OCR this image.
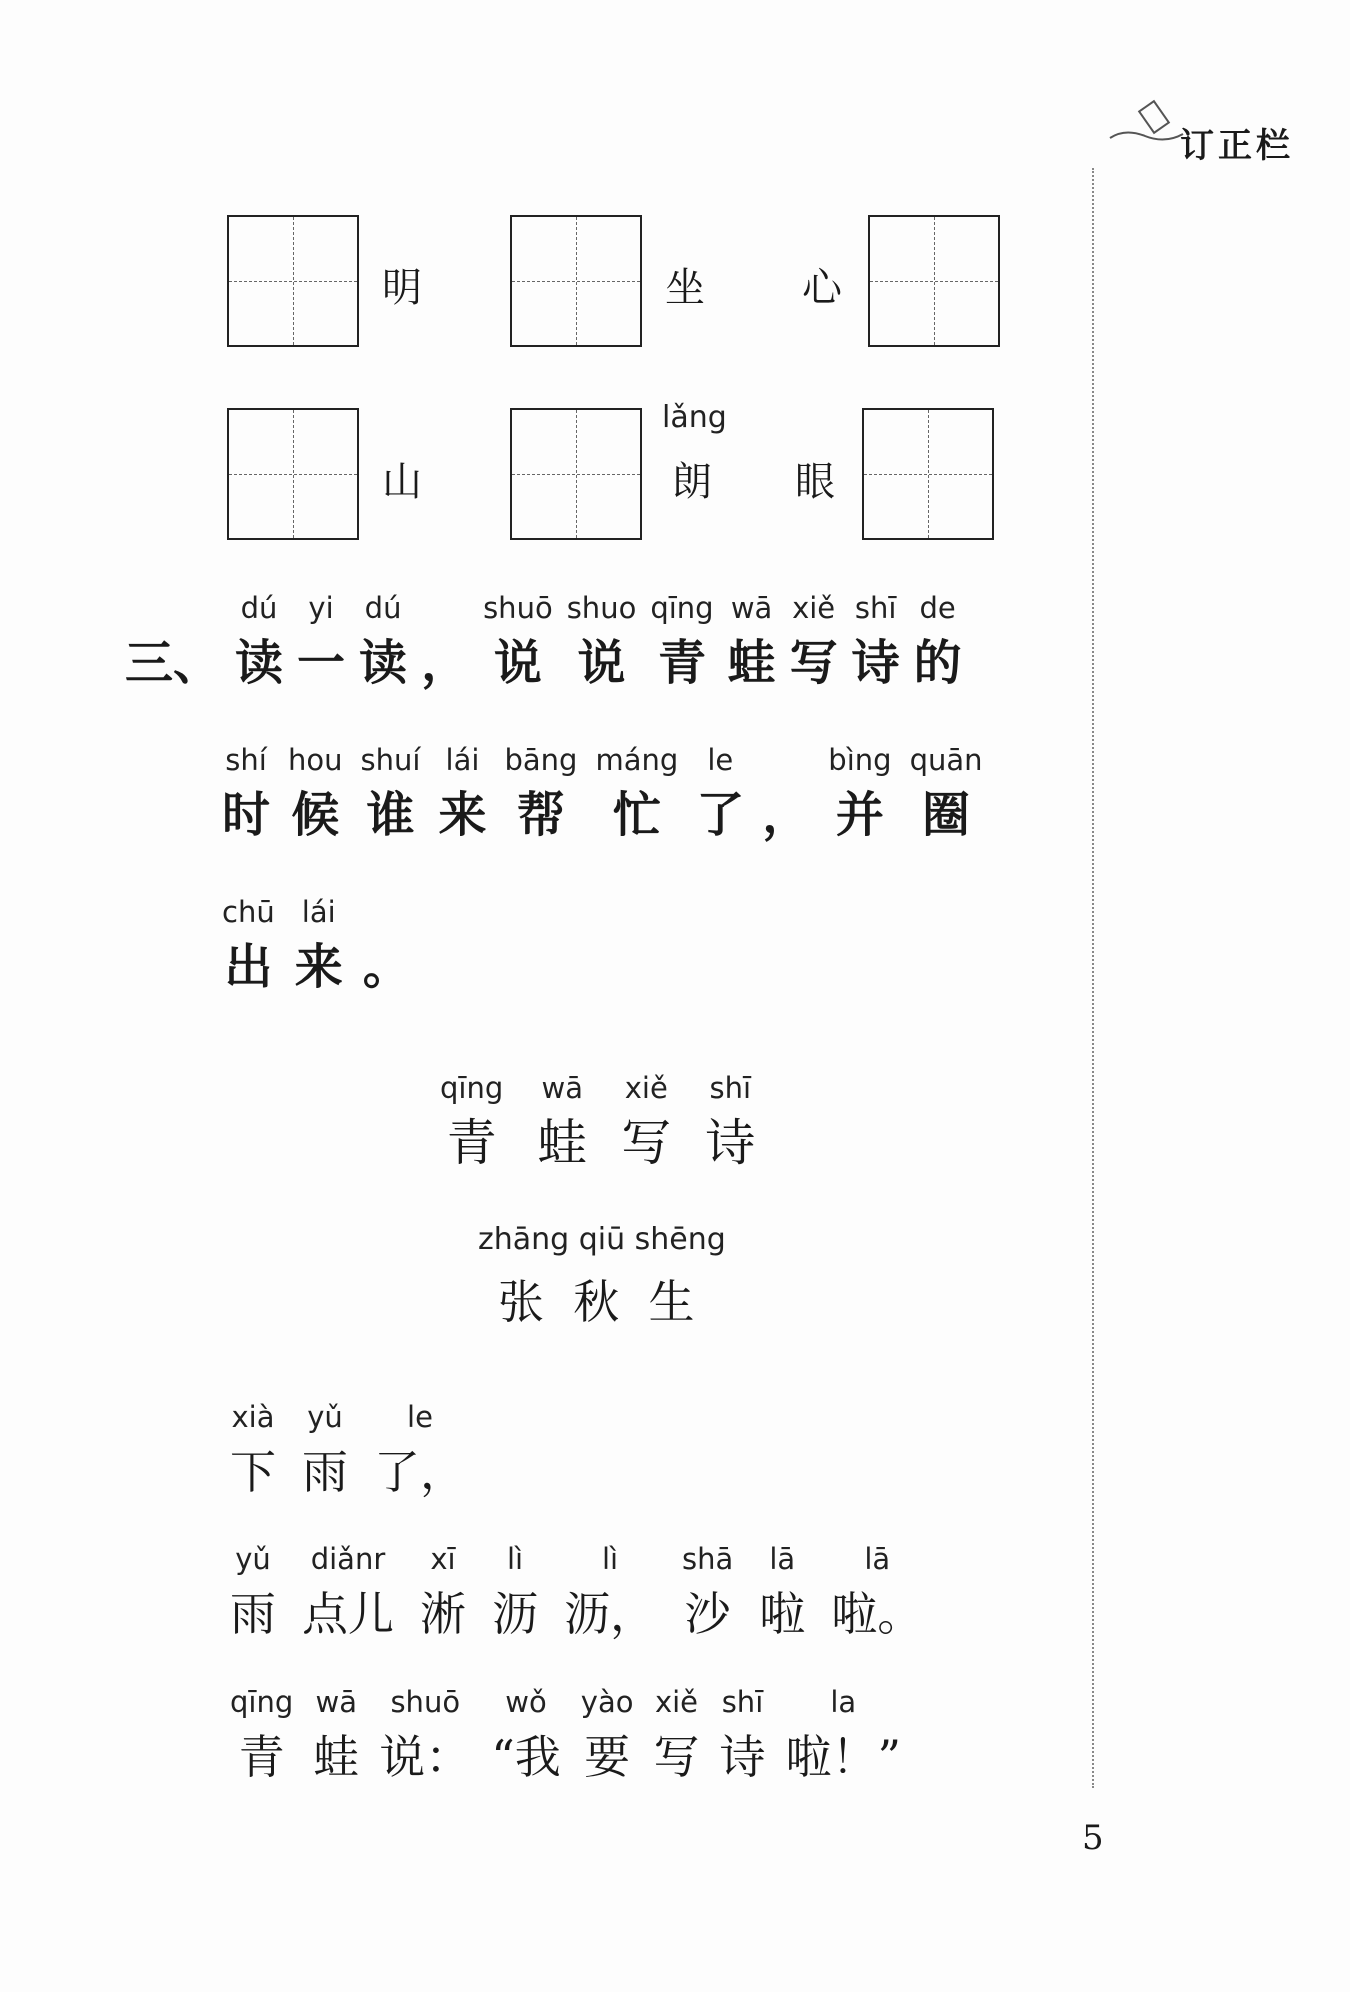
订正栏
明	坐 心
山
lǎng
朗 眼
三、
dú
读
yi
一
dú
读 ，
shuō
说
shuo
说
qīng
青
wā
蛙
xiě
写
shī
诗
de
的
shí
时
hou
候
shuí
谁
lái
来
bāng
帮
máng
忙
le
了 ，
bìng
并
quān
圈
chū
出
lái
来 。
qīng
青
wā
蛙
xiě
写
shī
诗
zhāng qiū shēng
张  秋  生
xià
下
yǔ
雨
le
了，
yǔ
雨
diǎnr
点儿
xī
淅
lì
沥
lì
沥，
shā
沙
lā
啦
lā
啦。
qīng
青
wā
蛙
shuō
说：
wǒ
“我
yào
要
xiě
写
shī
诗
la
啦！”
5
